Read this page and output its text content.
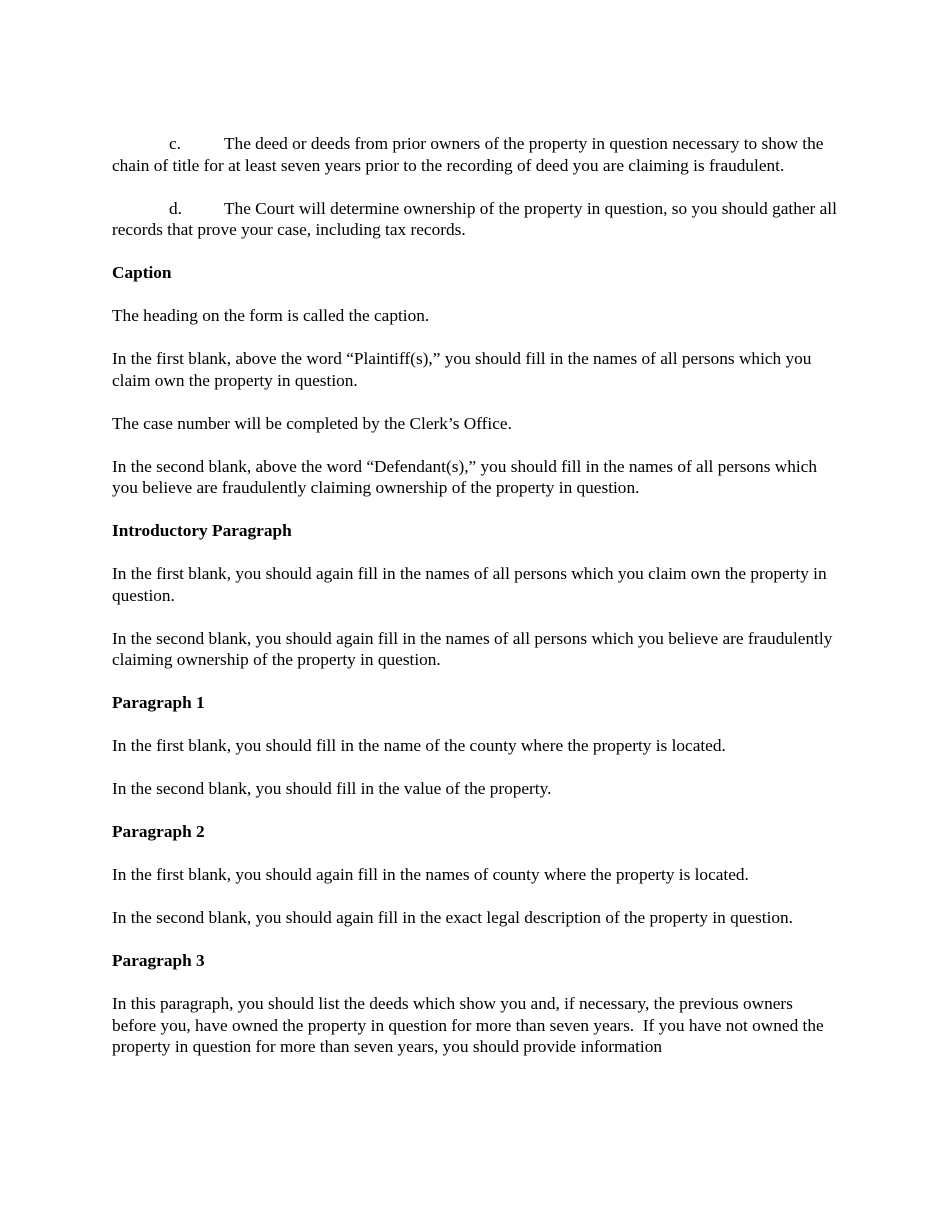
c. The deed or deeds from prior owners of the property in question necessary to show the chain of title for at least seven years prior to the recording of deed you are claiming is fraudulent.

d. The Court will determine ownership of the property in question, so you should gather all records that prove your case, including tax records.

Caption

The heading on the form is called the caption.

In the first blank, above the word “Plaintiff(s),” you should fill in the names of all persons which you claim own the property in question.

The case number will be completed by the Clerk’s Office.

In the second blank, above the word “Defendant(s),” you should fill in the names of all persons which you believe are fraudulently claiming ownership of the property in question.

Introductory Paragraph

In the first blank, you should again fill in the names of all persons which you claim own the property in question.

In the second blank, you should again fill in the names of all persons which you believe are fraudulently claiming ownership of the property in question.

Paragraph 1

In the first blank, you should fill in the name of the county where the property is located.

In the second blank, you should fill in the value of the property.

Paragraph 2

In the first blank, you should again fill in the names of county where the property is located.

In the second blank, you should again fill in the exact legal description of the property in question.

Paragraph 3

In this paragraph, you should list the deeds which show you and, if necessary, the previous owners before you, have owned the property in question for more than seven years.  If you have not owned the property in question for more than seven years, you should provide information
